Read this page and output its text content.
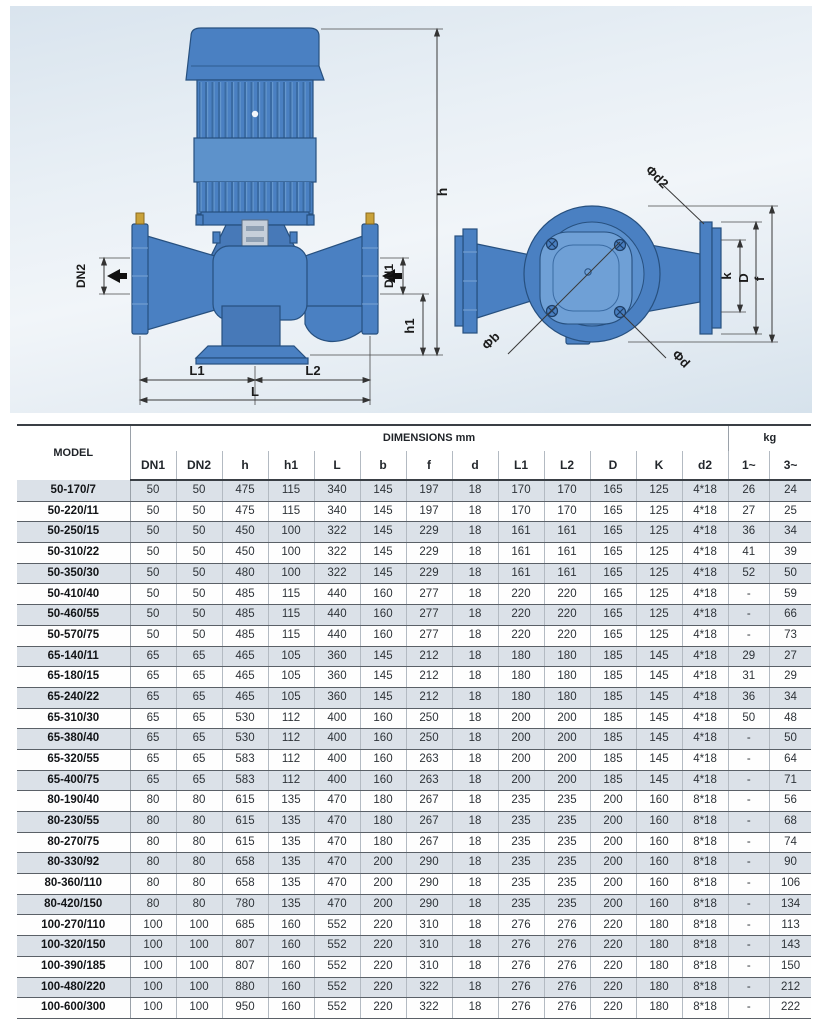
h
h1
DN1
DN2
L1	L2
L
k D f
Φd2
Φb
Φd
MODEL	DIMENSIONS mm													kg	
	DN1	DN2	h	h1	L	b	f	d	L1	L2	D	K	d2	1~	3~
50-170/7	50	50	475	115	340	145	197	18	170	170	165	125	4*18	26	24
50-220/11	50	50	475	115	340	145	197	18	170	170	165	125	4*18	27	25
50-250/15	50	50	450	100	322	145	229	18	161	161	165	125	4*18	36	34
50-310/22	50	50	450	100	322	145	229	18	161	161	165	125	4*18	41	39
50-350/30	50	50	480	100	322	145	229	18	161	161	165	125	4*18	52	50
50-410/40	50	50	485	115	440	160	277	18	220	220	165	125	4*18	-	59
50-460/55	50	50	485	115	440	160	277	18	220	220	165	125	4*18	-	66
50-570/75	50	50	485	115	440	160	277	18	220	220	165	125	4*18	-	73
65-140/11	65	65	465	105	360	145	212	18	180	180	185	145	4*18	29	27
65-180/15	65	65	465	105	360	145	212	18	180	180	185	145	4*18	31	29
65-240/22	65	65	465	105	360	145	212	18	180	180	185	145	4*18	36	34
65-310/30	65	65	530	112	400	160	250	18	200	200	185	145	4*18	50	48
65-380/40	65	65	530	112	400	160	250	18	200	200	185	145	4*18	-	50
65-320/55	65	65	583	112	400	160	263	18	200	200	185	145	4*18	-	64
65-400/75	65	65	583	112	400	160	263	18	200	200	185	145	4*18	-	71
80-190/40	80	80	615	135	470	180	267	18	235	235	200	160	8*18	-	56
80-230/55	80	80	615	135	470	180	267	18	235	235	200	160	8*18	-	68
80-270/75	80	80	615	135	470	180	267	18	235	235	200	160	8*18	-	74
80-330/92	80	80	658	135	470	200	290	18	235	235	200	160	8*18	-	90
80-360/110	80	80	658	135	470	200	290	18	235	235	200	160	8*18	-	106
80-420/150	80	80	780	135	470	200	290	18	235	235	200	160	8*18	-	134
100-270/110	100	100	685	160	552	220	310	18	276	276	220	180	8*18	-	113
100-320/150	100	100	807	160	552	220	310	18	276	276	220	180	8*18	-	143
100-390/185	100	100	807	160	552	220	310	18	276	276	220	180	8*18	-	150
100-480/220	100	100	880	160	552	220	322	18	276	276	220	180	8*18	-	212
100-600/300	100	100	950	160	552	220	322	18	276	276	220	180	8*18	-	222
